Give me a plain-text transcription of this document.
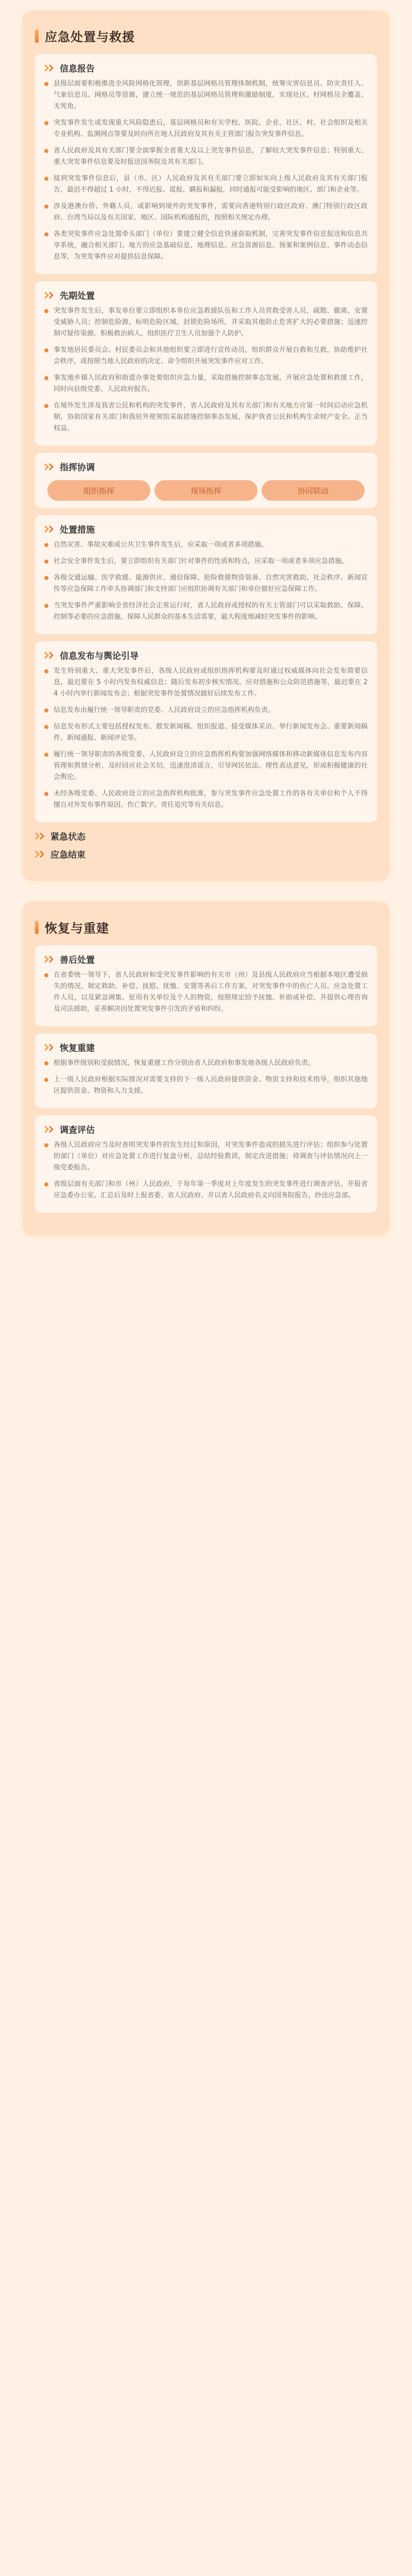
应急处置与救援
信息报告
县级层面要积极推进全风险网格化管理，创新基层网格员管理体制机制，统筹灾害信息员、防灾责任人、气象信息员、网格员等资源，建立统一规范的基层网格员管理和激励制度，实现社区、村网格员全覆盖、无死角。
突发事件发生或发现重大风险隐患后，基层网格员和有关学校、医院、企业、社区、村、社会组织及相关专业机构、监测网点等要及时向所在地人民政府及其有关主管部门报告突发事件信息。
省人民政府及其有关部门要全面掌握全省重大及以上突发事件信息，了解较大突发事件信息；特别重大、重大突发事件信息要及时报送国务院及其有关部门。
接到突发事件信息后，县（市、区）人民政府及其有关部门要立即如实向上级人民政府及其有关部门报告，最迟不得超过 1 小时，不得迟报、谎报、瞒报和漏报，同时通报可能受影响的地区、部门和企业等。
涉及港澳台侨、外籍人员，或影响到境外的突发事件，需要向香港特别行政区政府、澳门特别行政区政府、台湾当局以及有关国家、地区、国际机构通报的，按照相关规定办理。
各类突发事件应急处置牵头部门（单位）要建立健全信息快速获取机制，完善突发事件信息报送和信息共享系统，融合相关部门、地方的应急基础信息、地理信息、应急资源信息、预案和案例信息、事件动态信息等，为突发事件应对提供信息保障。
先期处置
突发事件发生后，事发单位要立即组织本单位应急救援队伍和工作人员营救受害人员，疏散、撤离、安置受威胁人员；控制危险源，标明危险区域，封锁危险场所，并采取其他防止危害扩大的必要措施；迅速控制可疑传染源，积极救治病人，组织医疗卫生人员加强个人防护。
事发地居民委员会、村民委员会和其他组织要立即进行宣传动员，组织群众开展自救和互救，协助维护社会秩序，或按照当地人民政府的决定、命令组织开展突发事件应对工作。
事发地乡镇人民政府和街道办事处要组织应急力量，采取措施控制事态发展，开展应急处置和救援工作，同时向县级党委、人民政府报告。
在境外发生涉及我省公民和机构的突发事件，省人民政府及其有关部门和有关地方应第一时间启动应急机制，协助国家有关部门和我驻外使领馆采取措施控制事态发展，保护我省公民和机构生命财产安全、正当权益。
指挥协调
组织指挥	现场指挥	协同联动
处置措施
自然灾害、事故灾难或公共卫生事件发生后，应采取一项或者多项措施。
社会安全事件发生后，要立即组织有关部门针对事件的性质和特点，应采取一项或者多项应急措施。
各级交通运输、医学救援、能源供应、通信保障、抢险救援物资装备、自然灾害救助、社会秩序、新闻宣传等应急保障工作牵头协调部门和支持部门应组织协调有关部门和单位做好应急保障工作。
当突发事件严重影响全省经济社会正常运行时，省人民政府或授权的有关主管部门可以采取救助、保障、控制等必要的应急措施，保障人民群众的基本生活需要，最大程度地减轻突发事件的影响。
信息发布与舆论引导
发生特别重大、重大突发事件后，各级人民政府或组织指挥机构要及时通过权威媒体向社会发布简要信息，最迟要在 5 小时内发布权威信息；随后发布初步核实情况、应对措施和公众防范措施等，最迟要在 2 4 小时内举行新闻发布会；根据突发事件处置情况做好后续发布工作。
信息发布由履行统一领导职责的党委、人民政府设立的应急指挥机构负责。
信息发布形式主要包括授权发布、散发新闻稿、组织报道、接受媒体采访、举行新闻发布会、重要新闻稿件、新闻通报、新闻评论等。
履行统一领导职责的各级党委、人民政府设立的应急指挥机构要加强网络媒体和移动新媒体信息发布内容管理和舆情分析，及时回应社会关切，迅速澄清谣言，引导网民依法、理性表达意见，形成积极健康的社会舆论。
未经各级党委、人民政府设立的应急指挥机构批准，参与突发事件应急处置工作的各有关单位和个人不得擅自对外发布事件原因、伤亡数字、责任追究等有关信息。
紧急状态
应急结束
恢复与重建
善后处置
在省委统一领导下，省人民政府和受突发事件影响的有关市（州）及县级人民政府应当根据本地区遭受损失的情况，制定救助、补偿、抚慰、抚恤、安置等善后工作方案，对突发事件中的伤亡人员、应急处置工作人员，以及紧急调集、征用有关单位及个人的物资，按照规定给予抚恤、补助或补偿，并提供心理咨询及司法援助，妥善解决因处置突发事件引发的矛盾和纠纷。
恢复重建
根据事件级别和受损情况，恢复重建工作分别由省人民政府和事发地各级人民政府负责。
上一级人民政府根据实际情况对需要支持的下一级人民政府提供资金、物资支持和技术指导，组织其他地区提供资金、物资和人力支援。
调查评估
各级人民政府应当及时查明突发事件的发生经过和原因，对突发事件造成的损失进行评估；组织参与处置的部门（单位）对应急处置工作进行复盘分析，总结经验教训，制定改进措施；将调查与评估情况向上一级党委报告。
省级层面有关部门和市（州）人民政府，于每年第一季度对上年度发生的突发事件进行调查评估，并报省应急委办公室。汇总后及时上报省委、省人民政府，并以省人民政府名义向国务院报告，抄送应急部。
